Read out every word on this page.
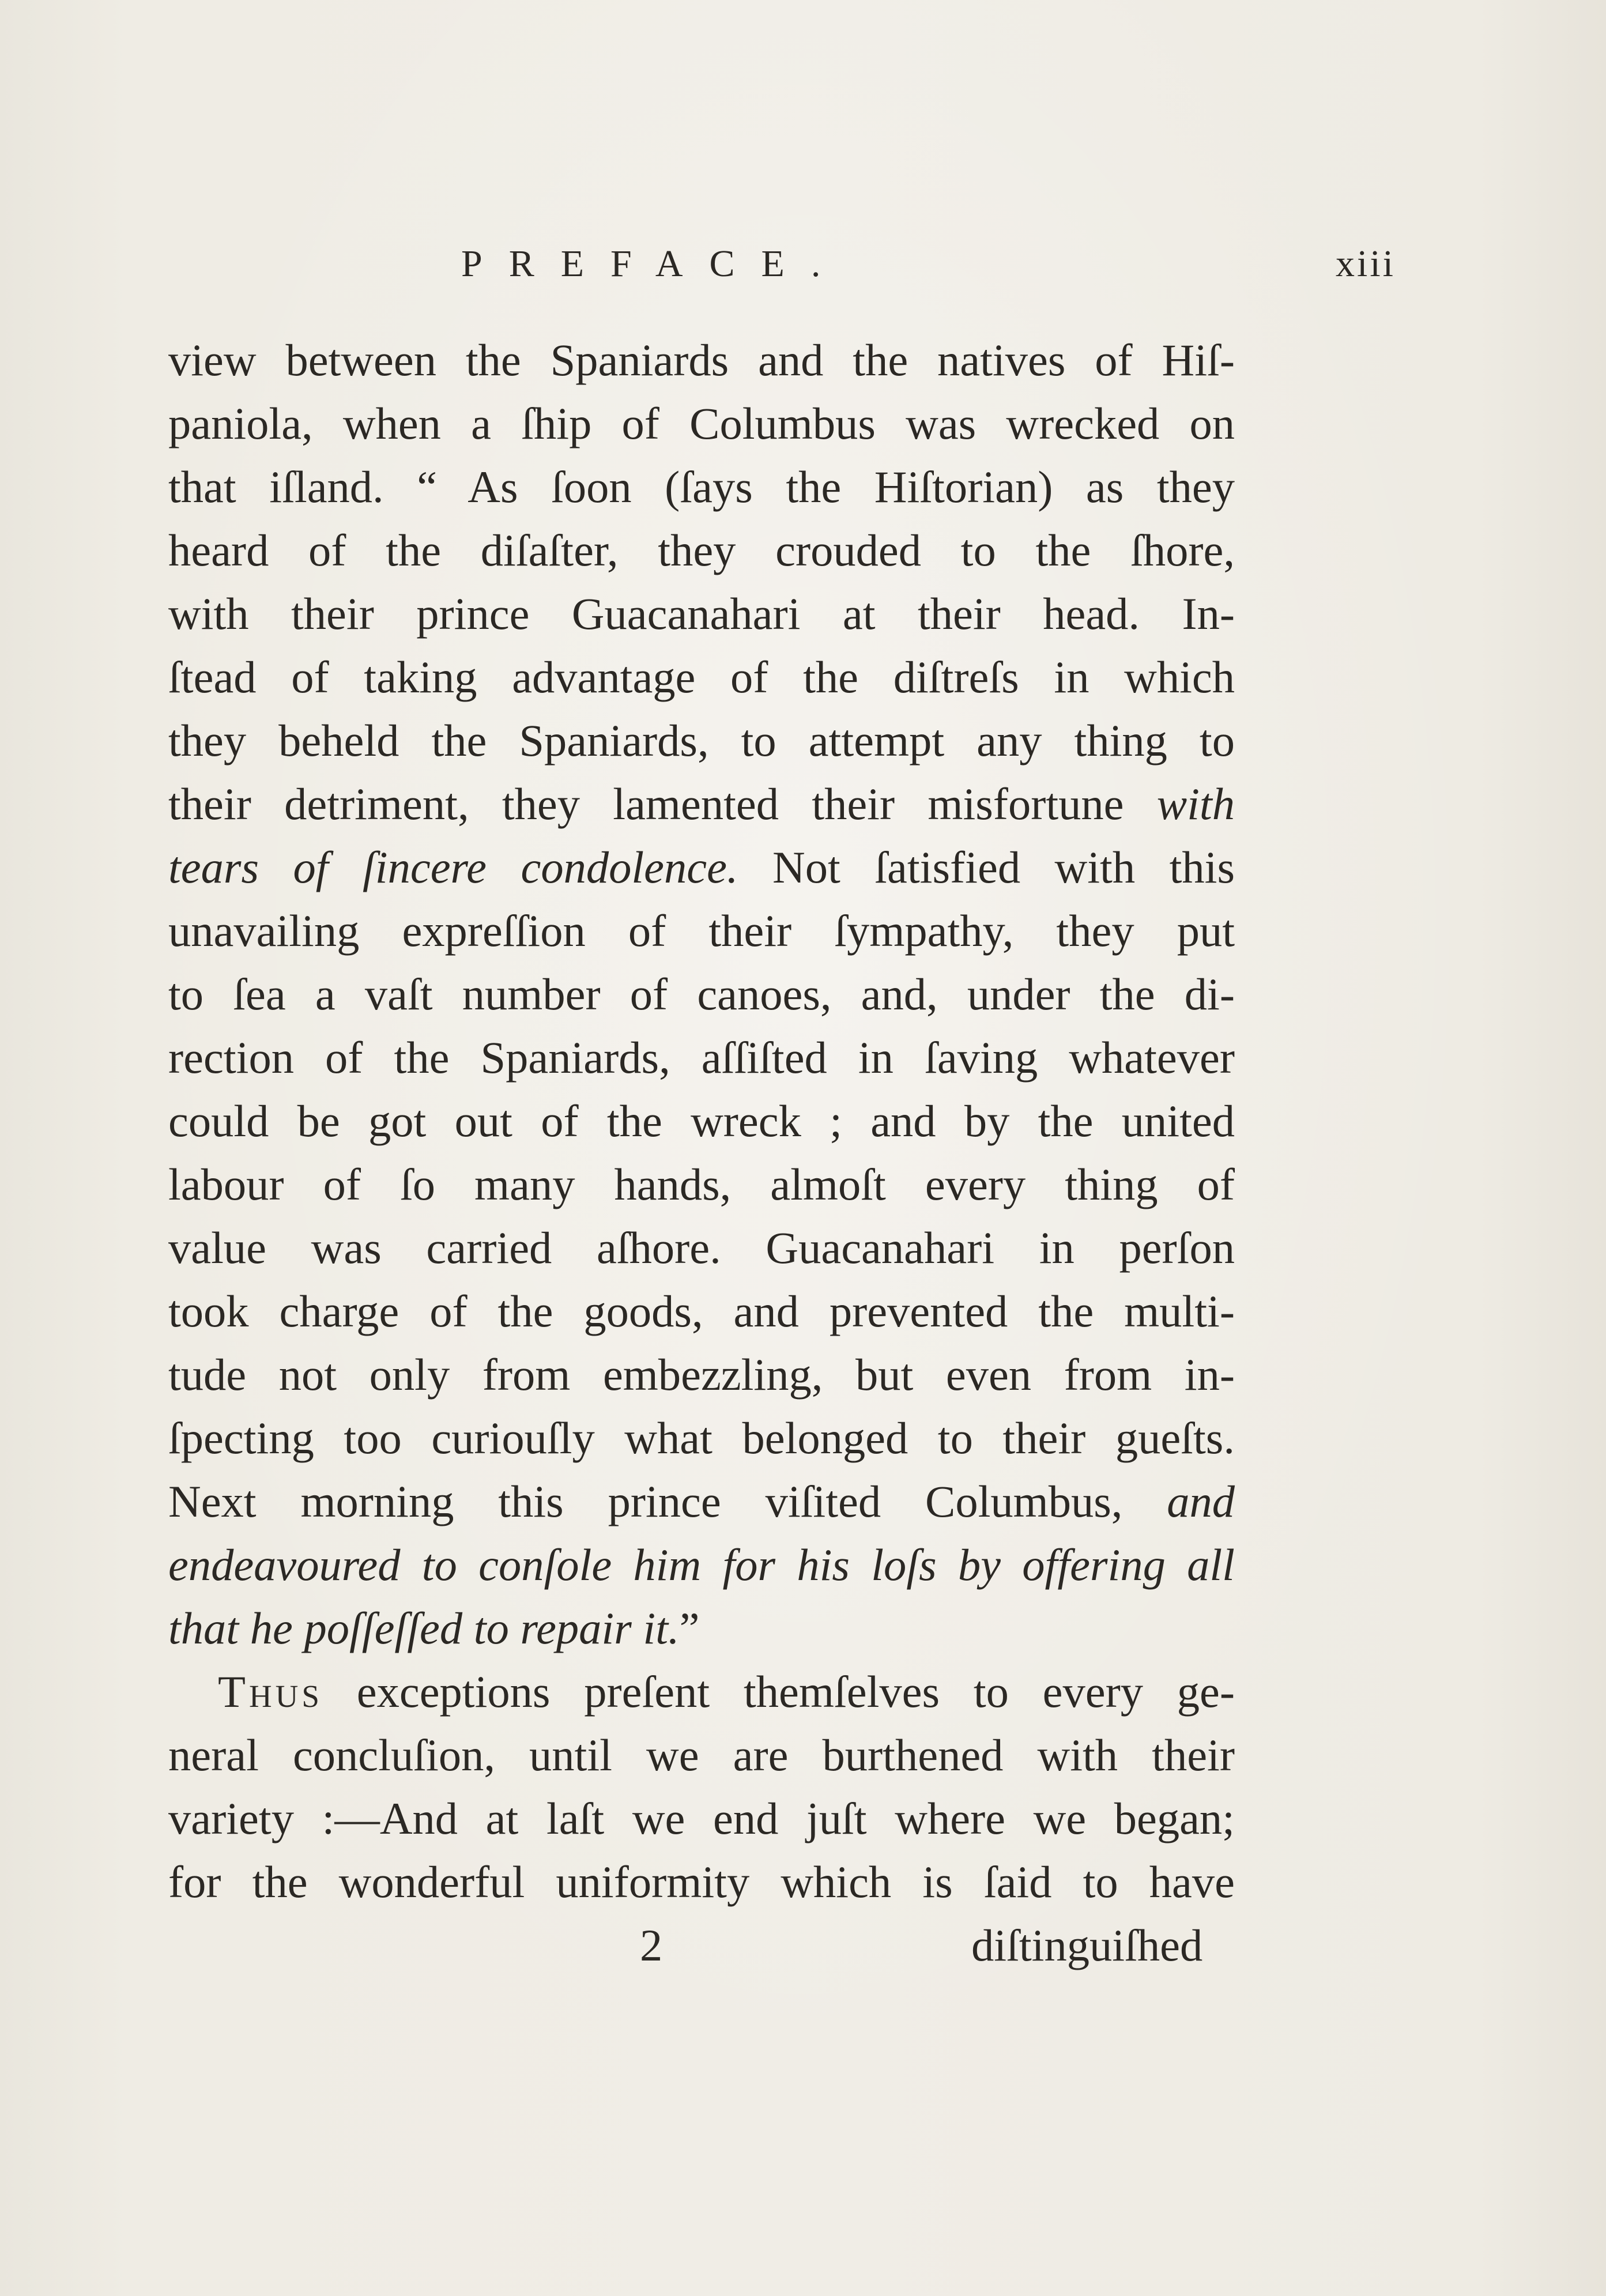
PREFACE.	xiii
view between the Spaniards and the natives of Hiſ-
paniola, when a ſhip of Columbus was wrecked on
that iſland. “ As ſoon (ſays the Hiſtorian) as they
heard of the diſaſter, they crouded to the ſhore,
with their prince Guacanahari at their head. In-
ſtead of taking advantage of the diſtreſs in which
they beheld the Spaniards, to attempt any thing to
their detriment, they lamented their misfortune with
tears of ſincere condolence. Not ſatisfied with this
unavailing expreſſion of their ſympathy, they put
to ſea a vaſt number of canoes, and, under the di-
rection of the Spaniards, aſſiſted in ſaving whatever
could be got out of the wreck ; and by the united
labour of ſo many hands, almoſt every thing of
value was carried aſhore. Guacanahari in perſon
took charge of the goods, and prevented the multi-
tude not only from embezzling, but even from in-
ſpecting too curiouſly what belonged to their gueſts.
Next morning this prince viſited Columbus, and
endeavoured to conſole him for his loſs by offering all
that he poſſeſſed to repair it.”
Thus exceptions preſent themſelves to every ge-
neral concluſion, until we are burthened with their
variety :—And at laſt we end juſt where we began;
for the wonderful uniformity which is ſaid to have
2	diſtinguiſhed
